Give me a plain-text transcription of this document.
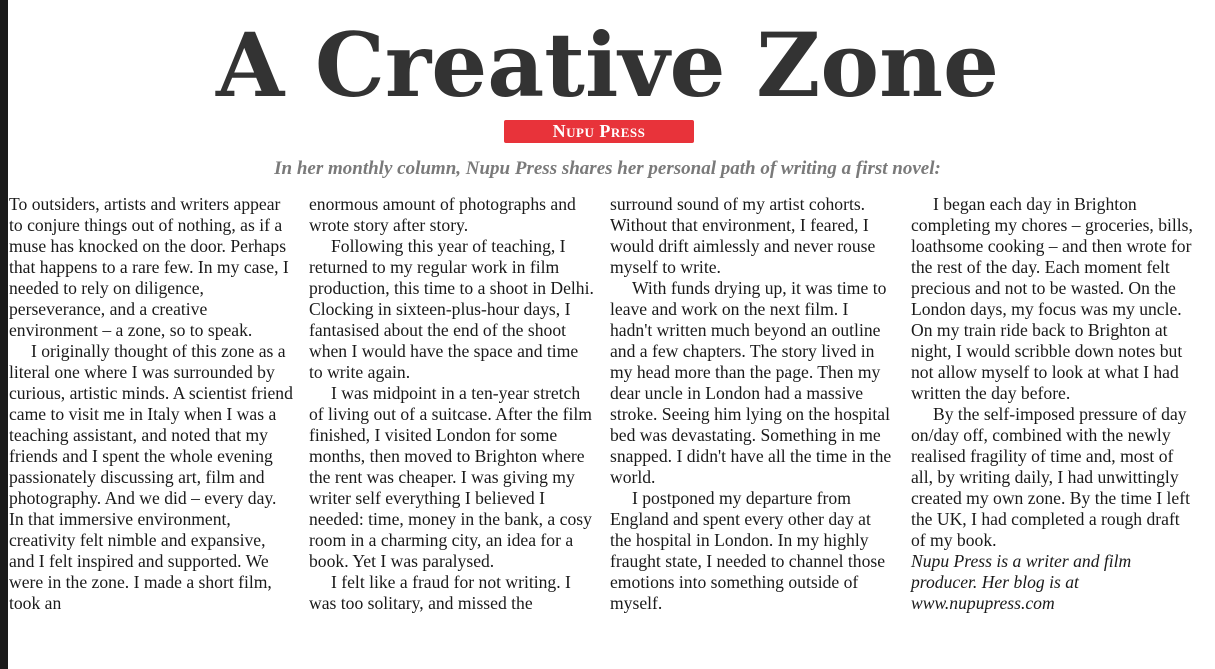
A Creative Zone
Nupu Press

In her monthly column, Nupu Press shares her personal path of writing a first novel:

To outsiders, artists and writers appear to conjure things out of nothing, as if a muse has knocked on the door. Perhaps that happens to a rare few. In my case, I needed to rely on diligence, perseverance, and a creative environment – a zone, so to speak.

I originally thought of this zone as a literal one where I was surrounded by curious, artistic minds. A scientist friend came to visit me in Italy when I was a teaching assistant, and noted that my friends and I spent the whole evening passionately discussing art, film and photography. And we did – every day. In that immersive environment, creativity felt nimble and expansive, and I felt inspired and supported. We were in the zone. I made a short film, took an

enormous amount of photographs and wrote story after story.

Following this year of teaching, I returned to my regular work in film production, this time to a shoot in Delhi. Clocking in sixteen-plus-hour days, I fantasised about the end of the shoot when I would have the space and time to write again.

I was midpoint in a ten-year stretch of living out of a suitcase. After the film finished, I visited London for some months, then moved to Brighton where the rent was cheaper. I was giving my writer self everything I believed I needed: time, money in the bank, a cosy room in a charming city, an idea for a book. Yet I was paralysed.

I felt like a fraud for not writing. I was too solitary, and missed the

surround sound of my artist cohorts. Without that environment, I feared, I would drift aimlessly and never rouse myself to write.

With funds drying up, it was time to leave and work on the next film. I hadn't written much beyond an outline and a few chapters. The story lived in my head more than the page. Then my dear uncle in London had a massive stroke. Seeing him lying on the hospital bed was devastating. Something in me snapped. I didn't have all the time in the world.

I postponed my departure from England and spent every other day at the hospital in London. In my highly fraught state, I needed to channel those emotions into something outside of myself.

I began each day in Brighton completing my chores – groceries, bills, loathsome cooking – and then wrote for the rest of the day. Each moment felt precious and not to be wasted. On the London days, my focus was my uncle. On my train ride back to Brighton at night, I would scribble down notes but not allow myself to look at what I had written the day before.

By the self-imposed pressure of day on/day off, combined with the newly realised fragility of time and, most of all, by writing daily, I had unwittingly created my own zone. By the time I left the UK, I had completed a rough draft of my book.

Nupu Press is a writer and film producer. Her blog is at www.nupupress.com
